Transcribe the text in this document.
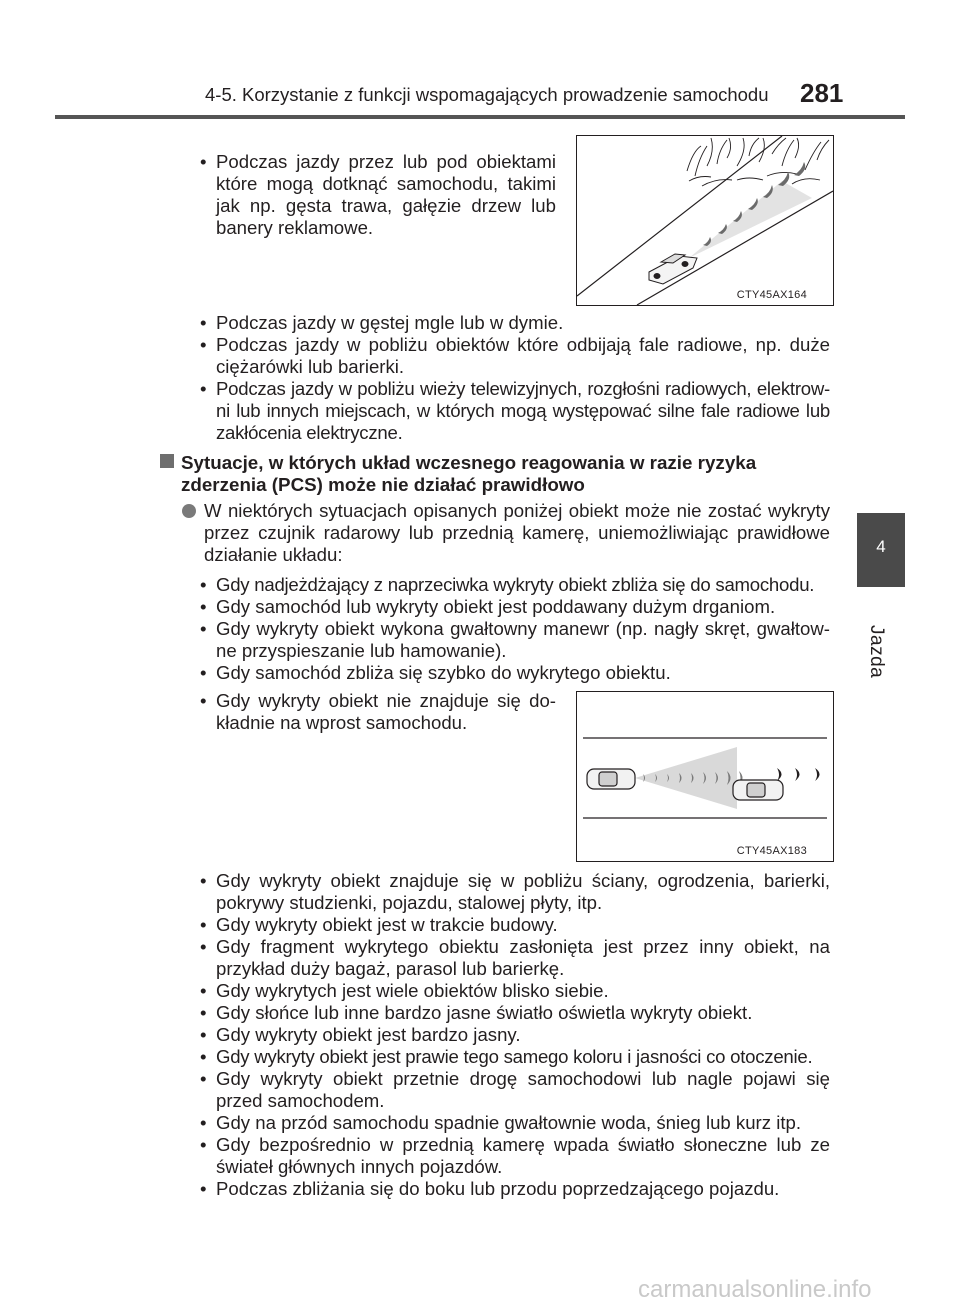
4-5. Korzystanie z funkcji wspomagających prowadzenie samochodu 281
4
Jazda
• Podczas jazdy przez lub pod obiektami które mogą dotknąć samochodu, takimi jak np. gęsta trawa, gałęzie drzew lub banery reklamowe.
CTY45AX164
• Podczas jazdy w gęstej mgle lub w dymie.
• Podczas jazdy w pobliżu obiektów które odbijają fale radiowe, np. duże ciężarówki lub barierki.
• Podczas jazdy w pobliżu wieży telewizyjnych, rozgłośni radiowych, elektrow-ni lub innych miejscach, w których mogą występować silne fale radiowe lub zakłócenia elektryczne.
Sytuacje, w których układ wczesnego reagowania w razie ryzyka zderzenia (PCS) może nie działać prawidłowo
W niektórych sytuacjach opisanych poniżej obiekt może nie zostać wykryty przez czujnik radarowy lub przednią kamerę, uniemożliwiając prawidłowe działanie układu:
• Gdy nadjeżdżający z naprzeciwka wykryty obiekt zbliża się do samochodu.
• Gdy samochód lub wykryty obiekt jest poddawany dużym drganiom.
• Gdy wykryty obiekt wykona gwałtowny manewr (np. nagły skręt, gwałtow-ne przyspieszanie lub hamowanie).
• Gdy samochód zbliża się szybko do wykrytego obiektu.
• Gdy wykryty obiekt nie znajduje się do-kładnie na wprost samochodu.
CTY45AX183
• Gdy wykryty obiekt znajduje się w pobliżu ściany, ogrodzenia, barierki, pokrywy studzienki, pojazdu, stalowej płyty, itp.
• Gdy wykryty obiekt jest w trakcie budowy.
• Gdy fragment wykrytego obiektu zasłonięta jest przez inny obiekt, na przykład duży bagaż, parasol lub barierkę.
• Gdy wykrytych jest wiele obiektów blisko siebie.
• Gdy słońce lub inne bardzo jasne światło oświetla wykryty obiekt.
• Gdy wykryty obiekt jest bardzo jasny.
• Gdy wykryty obiekt jest prawie tego samego koloru i jasności co otoczenie.
• Gdy wykryty obiekt przetnie drogę samochodowi lub nagle pojawi się przed samochodem.
• Gdy na przód samochodu spadnie gwałtownie woda, śnieg lub kurz itp.
• Gdy bezpośrednio w przednią kamerę wpada światło słoneczne lub ze świateł głównych innych pojazdów.
• Podczas zbliżania się do boku lub przodu poprzedzającego pojazdu.
carmanualsonline.info
